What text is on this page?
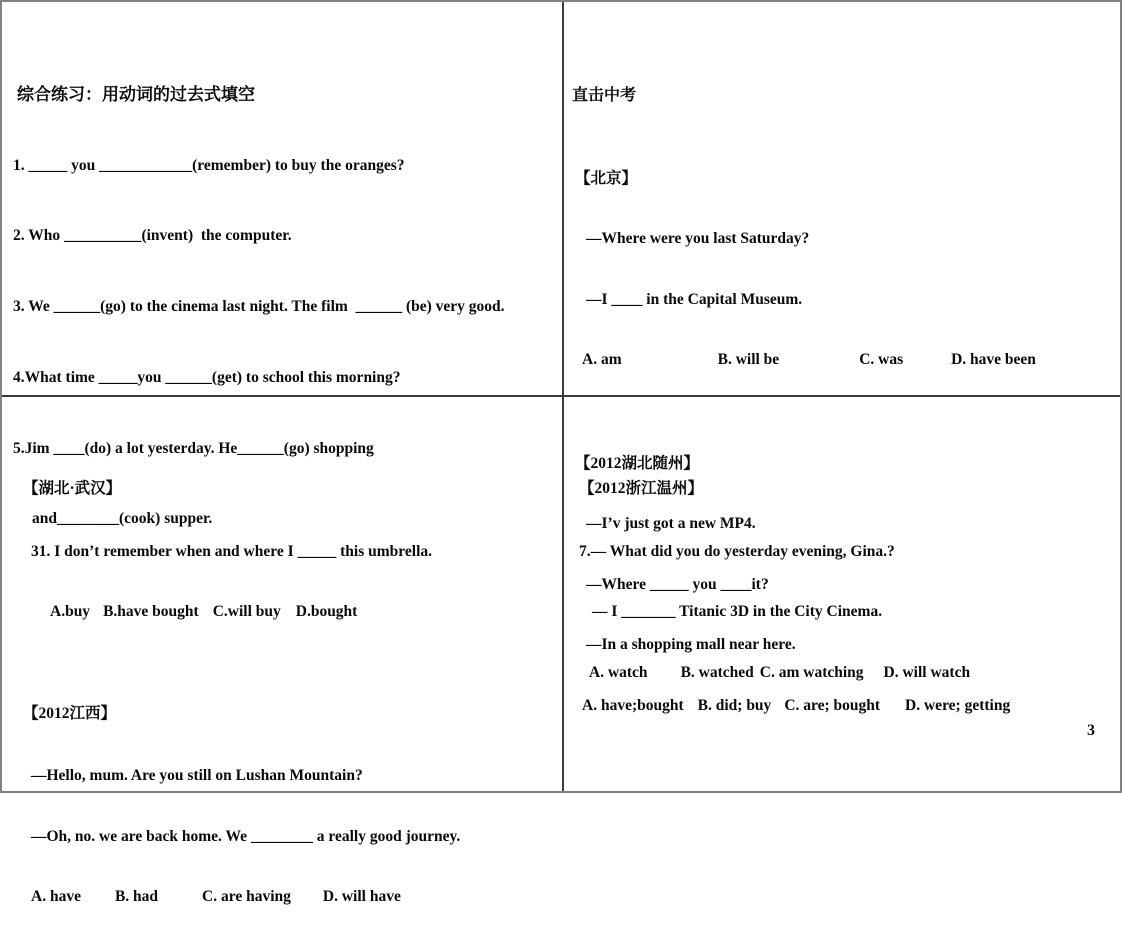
综合练习：用动词的过去式填空

1. _____ you ____________(remember) to buy the oranges?

2. Who __________(invent)  the computer.

3. We ______(go) to the cinema last night. The film  ______ (be) very good.

4.What time _____you ______(get) to school this morning?

5.Jim ____(do) a lot yesterday. He______(go) shopping

and________(cook) supper.

直击中考

【北京】

—Where were you last Saturday?

—I ____ in the Capital Museum.

A. am	B. will be	C. was	D. have been

【2012湖北随州】

—I’v just got a new MP4.

—Where _____ you ____it?

—In a shopping mall near here.

A. have;bought B. did; buy C. are; bought D. were; getting

【湖北·武汉】

31. I don’t remember when and where I _____ this umbrella.

A.buy B.have bought C.will buy D.bought

【2012江西】

—Hello, mum. Are you still on Lushan Mountain?

—Oh, no. we are back home. We ________ a really good journey.

A. have B. had	C. are having D. will have

【2012浙江温州】

7.— What did you do yesterday evening, Gina.?

— I _______ Titanic 3D in the City Cinema.

A. watch B. watched C. am watching D. will watch

3
